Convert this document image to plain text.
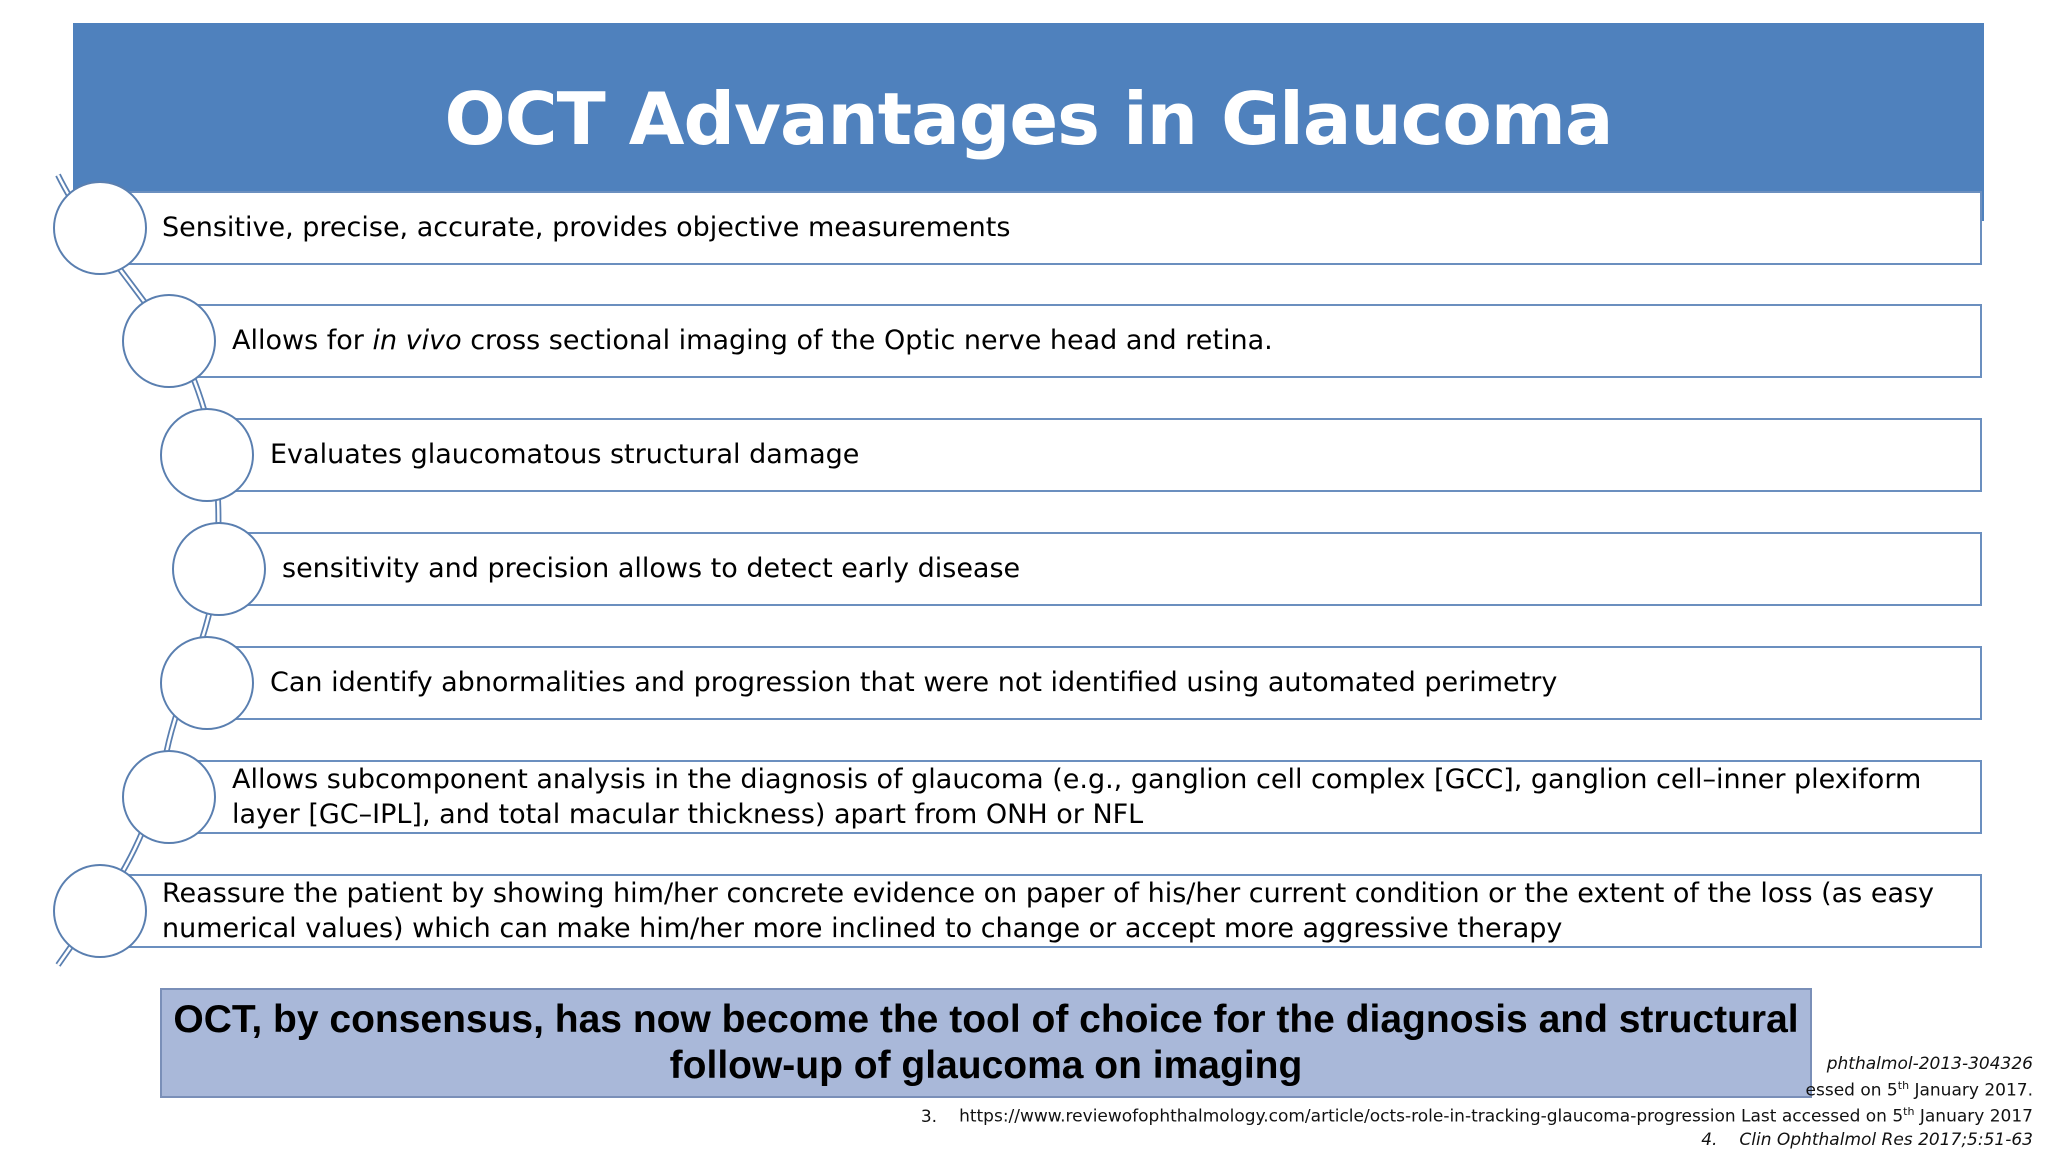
OCT Advantages in Glaucoma
Sensitive, precise, accurate, provides objective measurements
Allows for in vivo cross sectional imaging of the Optic nerve head and retina.
Evaluates glaucomatous structural damage
sensitivity and precision allows to detect early disease
Can identify abnormalities and progression that were not identified using automated perimetry
Allows subcomponent analysis in the diagnosis of glaucoma (e.g., ganglion cell complex [GCC], ganglion cell–inner plexiform layer [GC–IPL], and total macular thickness) apart from ONH or NFL
Reassure the patient by showing him/her concrete evidence on paper of his/her current condition or the extent of the loss (as easy numerical values) which can make him/her more inclined to change or accept more aggressive therapy
phthalmol-2013-304326
OCT, by consensus, has now become the tool of choice for the diagnosis and structural follow-up of glaucoma on imaging
essed on 5th January 2017.
3. https://www.reviewofophthalmology.com/article/octs-role-in-tracking-glaucoma-progression Last accessed on 5th January 2017
4. Clin Ophthalmol Res 2017;5:51-63
